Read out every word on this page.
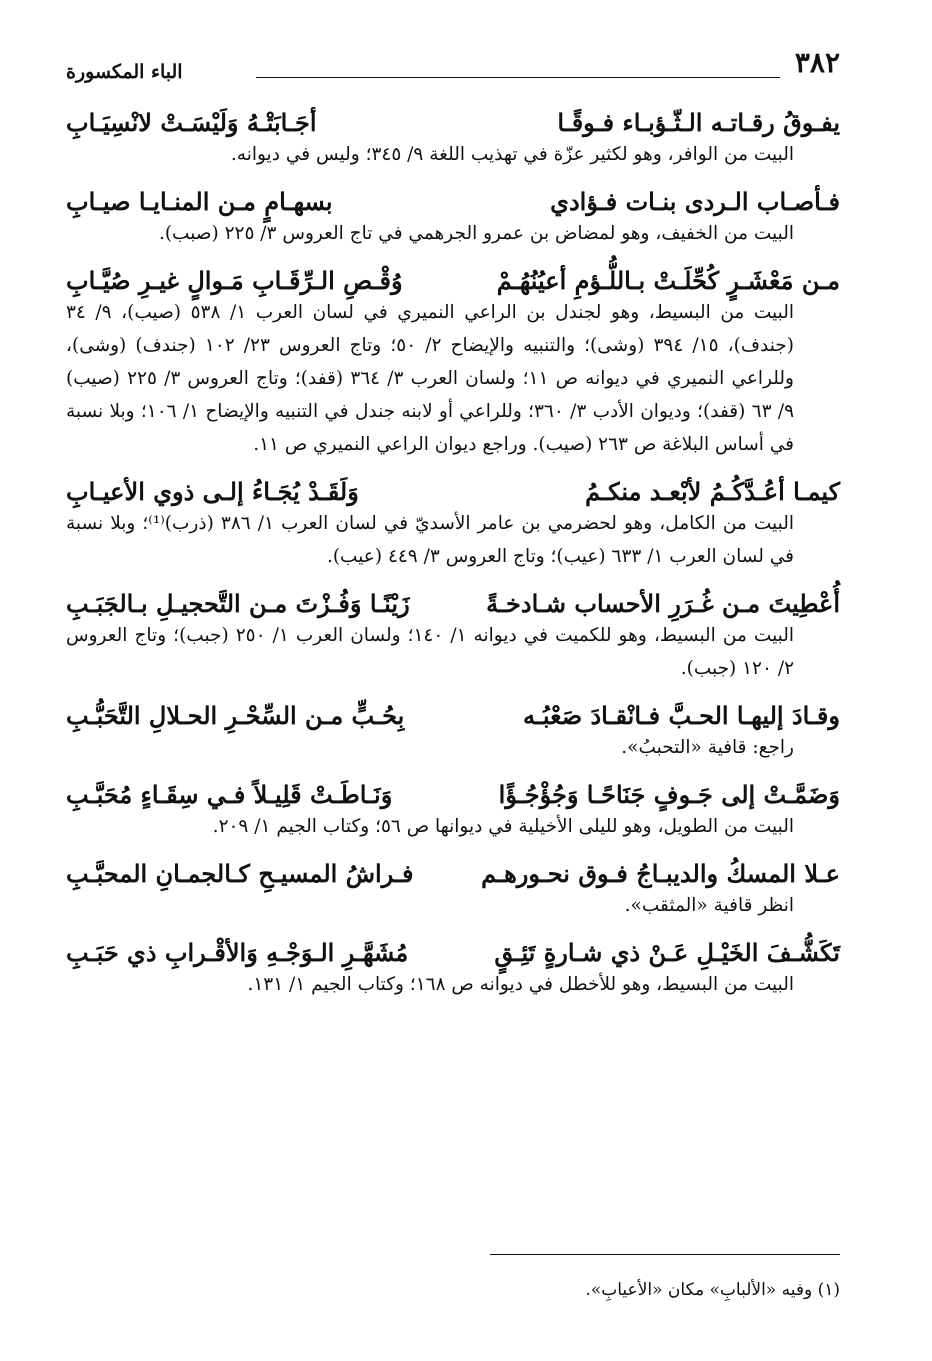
٣٨٢
الباء المكسورة
يفـوقُ رقـاتـه الـثّـؤبـاء فـوقًـا
أجَـابَتْـهُ وَلَيْسَـتْ لانْسِيَـابِ
البيت من الوافر، وهو لكثير عزّة في تهذيب اللغة ٩/ ٣٤٥؛ وليس في ديوانه.
فـأصـاب الـردى بنـات فـؤادي
بسهـامٍ مـن المنـايـا صيـابِ
البيت من الخفيف، وهو لمضاض بن عمرو الجرهمي في تاج العروس ٣/ ٢٢٥ (صبب).
مـن مَعْشَـرٍ كُحِّلَـتْ بـاللُّـؤمِ أعيُنُهُـمْ
وُقْـصِ الـرِّقَـابِ مَـوالٍ غيـرِ صُيَّـابِ
البيت من البسيط، وهو لجندل بن الراعي النميري في لسان العرب ١/ ٥٣٨ (صيب)، ٩/ ٣٤ (جندف)، ١٥/ ٣٩٤ (وشى)؛ والتنبيه والإيضاح ٢/ ٥٠؛ وتاج العروس ٢٣/ ١٠٢ (جندف) (وشى)، وللراعي النميري في ديوانه ص ١١؛ ولسان العرب ٣/ ٣٦٤ (قفد)؛ وتاج العروس ٣/ ٢٢٥ (صيب) ٩/ ٦٣ (قفد)؛ وديوان الأدب ٣/ ٣٦٠؛ وللراعي أو لابنه جندل في التنبيه والإيضاح ١/ ١٠٦؛ وبلا نسبة في أساس البلاغة ص ٢٦٣ (صيب). وراجع ديوان الراعي النميري ص ١١.
كيمـا أعُـدَّكُـمُ لأبْعـد منكـمُ
وَلَقَـدْ يُجَـاءُ إلـى ذوي الأعيـابِ
البيت من الكامل، وهو لحضرمي بن عامر الأسديّ في لسان العرب ١/ ٣٨٦ (ذرب)⁽¹⁾؛ وبلا نسبة في لسان العرب ١/ ٦٣٣ (عيب)؛ وتاج العروس ٣/ ٤٤٩ (عيب).
أُعْطِيتَ مـن غُـرَرِ الأحساب شـادخـةً
زَيْنًـا وَفُـزْتَ مـن التَّحجيـلِ بـالجَبَـبِ
البيت من البسيط، وهو للكميت في ديوانه ١/ ١٤٠؛ ولسان العرب ١/ ٢٥٠ (جبب)؛ وتاج العروس ٢/ ١٢٠ (جبب).
وقـادَ إليهـا الحـبَّ فـانْقـادَ صَعْبُـه
بِحُـبٍّ مـن السِّحْـرِ الحـلالِ التَّحَبُّـبِ
راجع: قافية «التحببُ».
وَضَمَّـتْ إلى جَـوفٍ جَنَاحًـا وَجُؤْجُـؤًا
وَنَـاطَـتْ قَلِيـلاً فـي سِقَـاءٍ مُحَبَّـبِ
البيت من الطويل، وهو لليلى الأخيلية في ديوانها ص ٥٦؛ وكتاب الجيم ١/ ٢٠٩.
عـلا المسكُ والديبـاجُ فـوق نحـورهـم
فـراشُ المسيـحِ كـالجمـانِ المحبَّـبِ
انظر قافية «المثقب».
تَكَشُّـفَ الخَيْـلِ عَـنْ ذي شـارةٍ تَئِـقٍ
مُشَهَّـرِ الـوَجْـهِ وَالأقْـرابِ ذي حَبَـبِ
البيت من البسيط، وهو للأخطل في ديوانه ص ١٦٨؛ وكتاب الجيم ١/ ١٣١.
(١) وفيه «الألبابِ» مكان «الأعيابِ».
